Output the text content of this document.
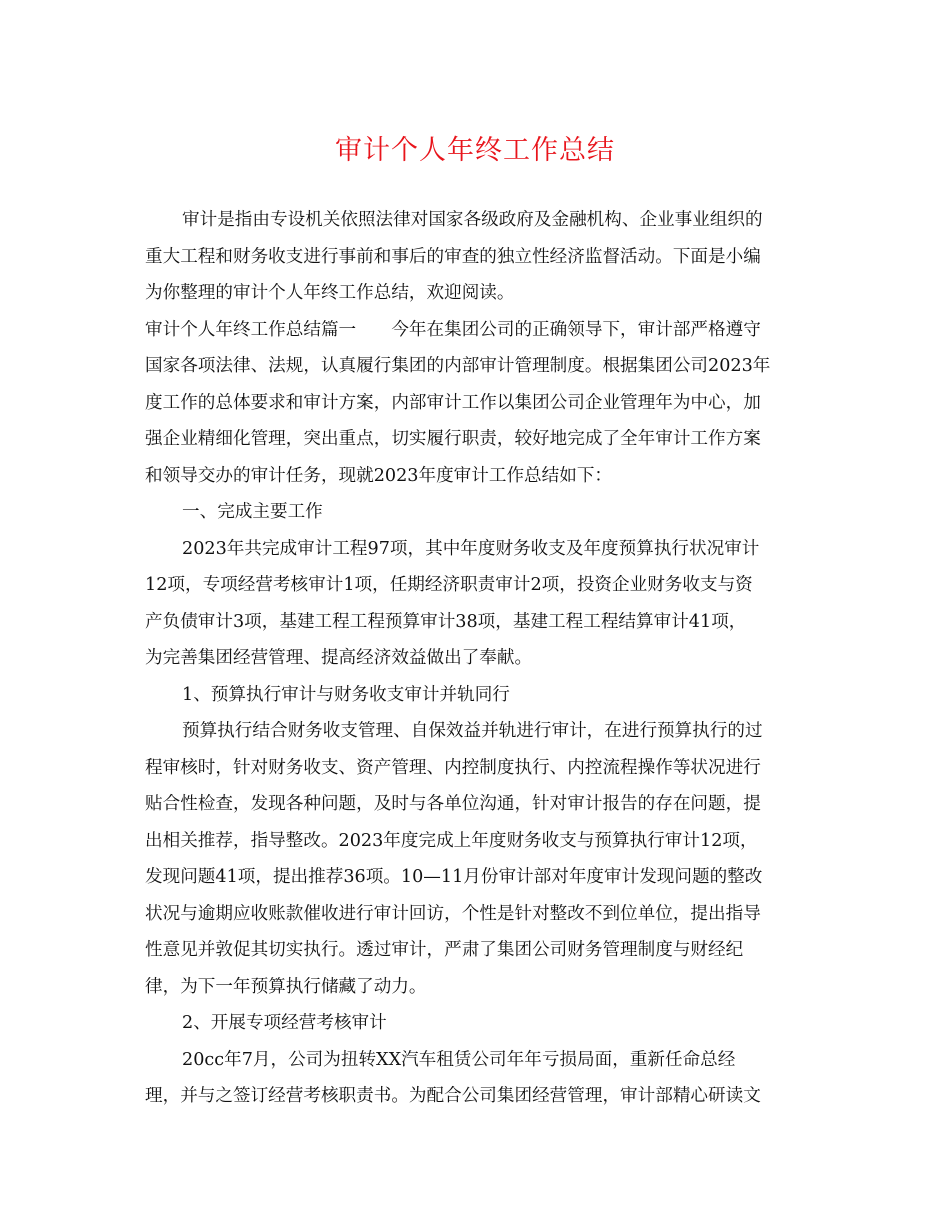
审计个人年终工作总结
审计是指由专设机关依照法律对国家各级政府及金融机构、企业事业组织的
重大工程和财务收支进行事前和事后的审查的独立性经济监督活动。下面是小编
为你整理的审计个人年终工作总结，欢迎阅读。
审计个人年终工作总结篇一　　今年在集团公司的正确领导下，审计部严格遵守
国家各项法律、法规，认真履行集团的内部审计管理制度。根据集团公司2023年
度工作的总体要求和审计方案，内部审计工作以集团公司企业管理年为中心，加
强企业精细化管理，突出重点，切实履行职责，较好地完成了全年审计工作方案
和领导交办的审计任务，现就2023年度审计工作总结如下：
一、完成主要工作
2023年共完成审计工程97项，其中年度财务收支及年度预算执行状况审计
12项，专项经营考核审计1项，任期经济职责审计2项，投资企业财务收支与资
产负债审计3项，基建工程工程预算审计38项，基建工程工程结算审计41项，
为完善集团经营管理、提高经济效益做出了奉献。
1、预算执行审计与财务收支审计并轨同行
预算执行结合财务收支管理、自保效益并轨进行审计，在进行预算执行的过
程审核时，针对财务收支、资产管理、内控制度执行、内控流程操作等状况进行
贴合性检查，发现各种问题，及时与各单位沟通，针对审计报告的存在问题，提
出相关推荐，指导整改。2023年度完成上年度财务收支与预算执行审计12项，
发现问题41项，提出推荐36项。10—11月份审计部对年度审计发现问题的整改
状况与逾期应收账款催收进行审计回访，个性是针对整改不到位单位，提出指导
性意见并敦促其切实执行。透过审计，严肃了集团公司财务管理制度与财经纪
律，为下一年预算执行储藏了动力。
2、开展专项经营考核审计
20cc年7月，公司为扭转XX汽车租赁公司年年亏损局面，重新任命总经
理，并与之签订经营考核职责书。为配合公司集团经营管理，审计部精心研读文
